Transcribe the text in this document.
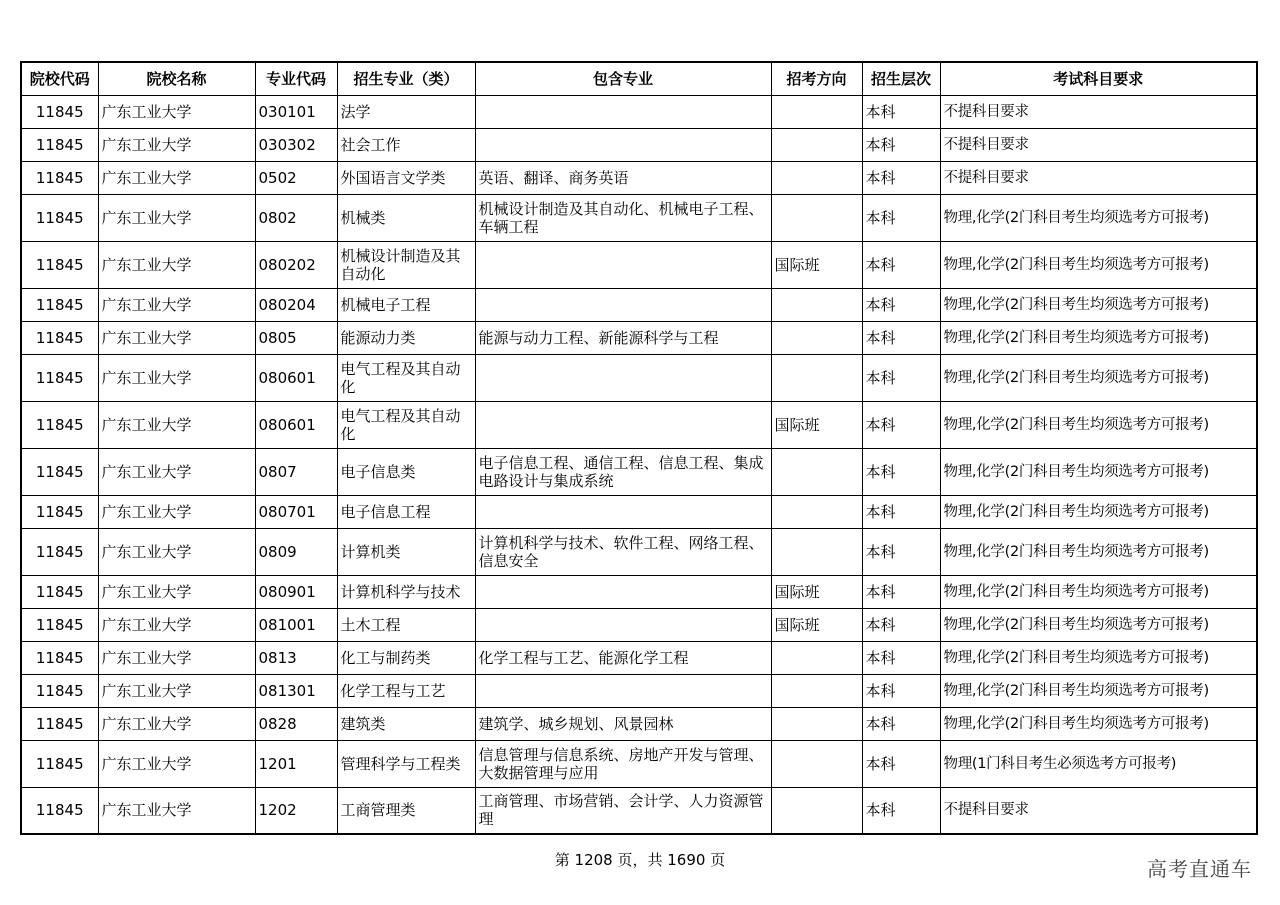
院校代码	院校名称	专业代码	招生专业（类）	包含专业	招考方向	招生层次	考试科目要求
11845	广东工业大学	030101	法学			本科	不提科目要求
11845	广东工业大学	030302	社会工作			本科	不提科目要求
11845	广东工业大学	0502	外国语言文学类	英语、翻译、商务英语		本科	不提科目要求
11845	广东工业大学	0802	机械类	机械设计制造及其自动化、机械电子工程、车辆工程		本科	物理,化学(2门科目考生均须选考方可报考)
11845	广东工业大学	080202	机械设计制造及其自动化		国际班	本科	物理,化学(2门科目考生均须选考方可报考)
11845	广东工业大学	080204	机械电子工程			本科	物理,化学(2门科目考生均须选考方可报考)
11845	广东工业大学	0805	能源动力类	能源与动力工程、新能源科学与工程		本科	物理,化学(2门科目考生均须选考方可报考)
11845	广东工业大学	080601	电气工程及其自动化			本科	物理,化学(2门科目考生均须选考方可报考)
11845	广东工业大学	080601	电气工程及其自动化		国际班	本科	物理,化学(2门科目考生均须选考方可报考)
11845	广东工业大学	0807	电子信息类	电子信息工程、通信工程、信息工程、集成电路设计与集成系统		本科	物理,化学(2门科目考生均须选考方可报考)
11845	广东工业大学	080701	电子信息工程			本科	物理,化学(2门科目考生均须选考方可报考)
11845	广东工业大学	0809	计算机类	计算机科学与技术、软件工程、网络工程、信息安全		本科	物理,化学(2门科目考生均须选考方可报考)
11845	广东工业大学	080901	计算机科学与技术		国际班	本科	物理,化学(2门科目考生均须选考方可报考)
11845	广东工业大学	081001	土木工程		国际班	本科	物理,化学(2门科目考生均须选考方可报考)
11845	广东工业大学	0813	化工与制药类	化学工程与工艺、能源化学工程		本科	物理,化学(2门科目考生均须选考方可报考)
11845	广东工业大学	081301	化学工程与工艺			本科	物理,化学(2门科目考生均须选考方可报考)
11845	广东工业大学	0828	建筑类	建筑学、城乡规划、风景园林		本科	物理,化学(2门科目考生均须选考方可报考)
11845	广东工业大学	1201	管理科学与工程类	信息管理与信息系统、房地产开发与管理、大数据管理与应用		本科	物理(1门科目考生必须选考方可报考)
11845	广东工业大学	1202	工商管理类	工商管理、市场营销、会计学、人力资源管理		本科	不提科目要求
第 1208 页，共 1690 页	高考直通车
